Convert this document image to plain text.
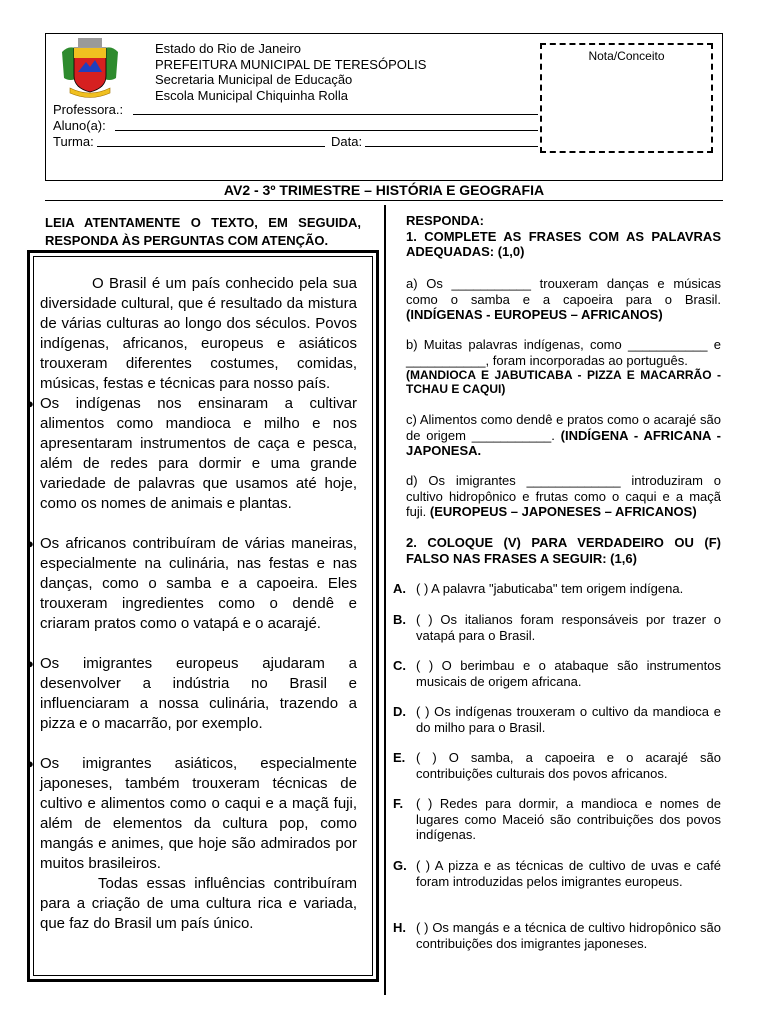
Estado do Rio de Janeiro
PREFEITURA MUNICIPAL DE TERESÓPOLIS
Secretaria Municipal de Educação
Escola Municipal Chiquinha Rolla
Professora.:
Aluno(a):
Turma:	Data:
Nota/Conceito
AV2 - 3º TRIMESTRE – HISTÓRIA E GEOGRAFIA
LEIA ATENTAMENTE O TEXTO, EM SEGUIDA, RESPONDA ÀS PERGUNTAS COM ATENÇÃO.

O Brasil é um país conhecido pela sua diversidade cultural, que é resultado da mistura de várias culturas ao longo dos séculos. Povos indígenas, africanos, europeus e asiáticos trouxeram diferentes costumes, comidas, músicas, festas e técnicas para nosso país.

● Os indígenas nos ensinaram a cultivar alimentos como mandioca e milho e nos apresentaram instrumentos de caça e pesca, além de redes para dormir e uma grande variedade de palavras que usamos até hoje, como os nomes de animais e plantas.

● Os africanos contribuíram de várias maneiras, especialmente na culinária, nas festas e nas danças, como o samba e a capoeira. Eles trouxeram ingredientes como o dendê e criaram pratos como o vatapá e o acarajé.

● Os imigrantes europeus ajudaram a desenvolver a indústria no Brasil e influenciaram a nossa culinária, trazendo a pizza e o macarrão, por exemplo.

● Os imigrantes asiáticos, especialmente japoneses, também trouxeram técnicas de cultivo e alimentos como o caqui e a maçã fuji, além de elementos da cultura pop, como mangás e animes, que hoje são admirados por muitos brasileiros.

Todas essas influências contribuíram para a criação de uma cultura rica e variada, que faz do Brasil um país único.

RESPONDA:
1. COMPLETE AS FRASES COM AS PALAVRAS ADEQUADAS: (1,0)
a) Os ___________ trouxeram danças e músicas como o samba e a capoeira para o Brasil. (INDÍGENAS - EUROPEUS – AFRICANOS)
b) Muitas palavras indígenas, como ___________ e ___________, foram incorporadas ao português.
(MANDIOCA E JABUTICABA - PIZZA E MACARRÃO - TCHAU E CAQUI)
c) Alimentos como dendê e pratos como o acarajé são de origem ___________. (INDÍGENA - AFRICANA - JAPONESA.
d) Os imigrantes _____________ introduziram o cultivo hidropônico e frutas como o caqui e a maçã fuji. (EUROPEUS – JAPONESES – AFRICANOS)
2. COLOQUE (V) PARA VERDADEIRO OU (F) FALSO NAS FRASES A SEGUIR: (1,6)
A. ( ) A palavra "jabuticaba" tem origem indígena.
B. ( ) Os italianos foram responsáveis por trazer o vatapá para o Brasil.
C. ( ) O berimbau e o atabaque são instrumentos musicais de origem africana.
D. ( ) Os indígenas trouxeram o cultivo da mandioca e do milho para o Brasil.
E. ( ) O samba, a capoeira e o acarajé são contribuições culturais dos povos africanos.
F. ( ) Redes para dormir, a mandioca e nomes de lugares como Maceió são contribuições dos povos indígenas.
G. ( ) A pizza e as técnicas de cultivo de uvas e café foram introduzidas pelos imigrantes europeus.
H. ( ) Os mangás e a técnica de cultivo hidropônico são contribuições dos imigrantes japoneses.
